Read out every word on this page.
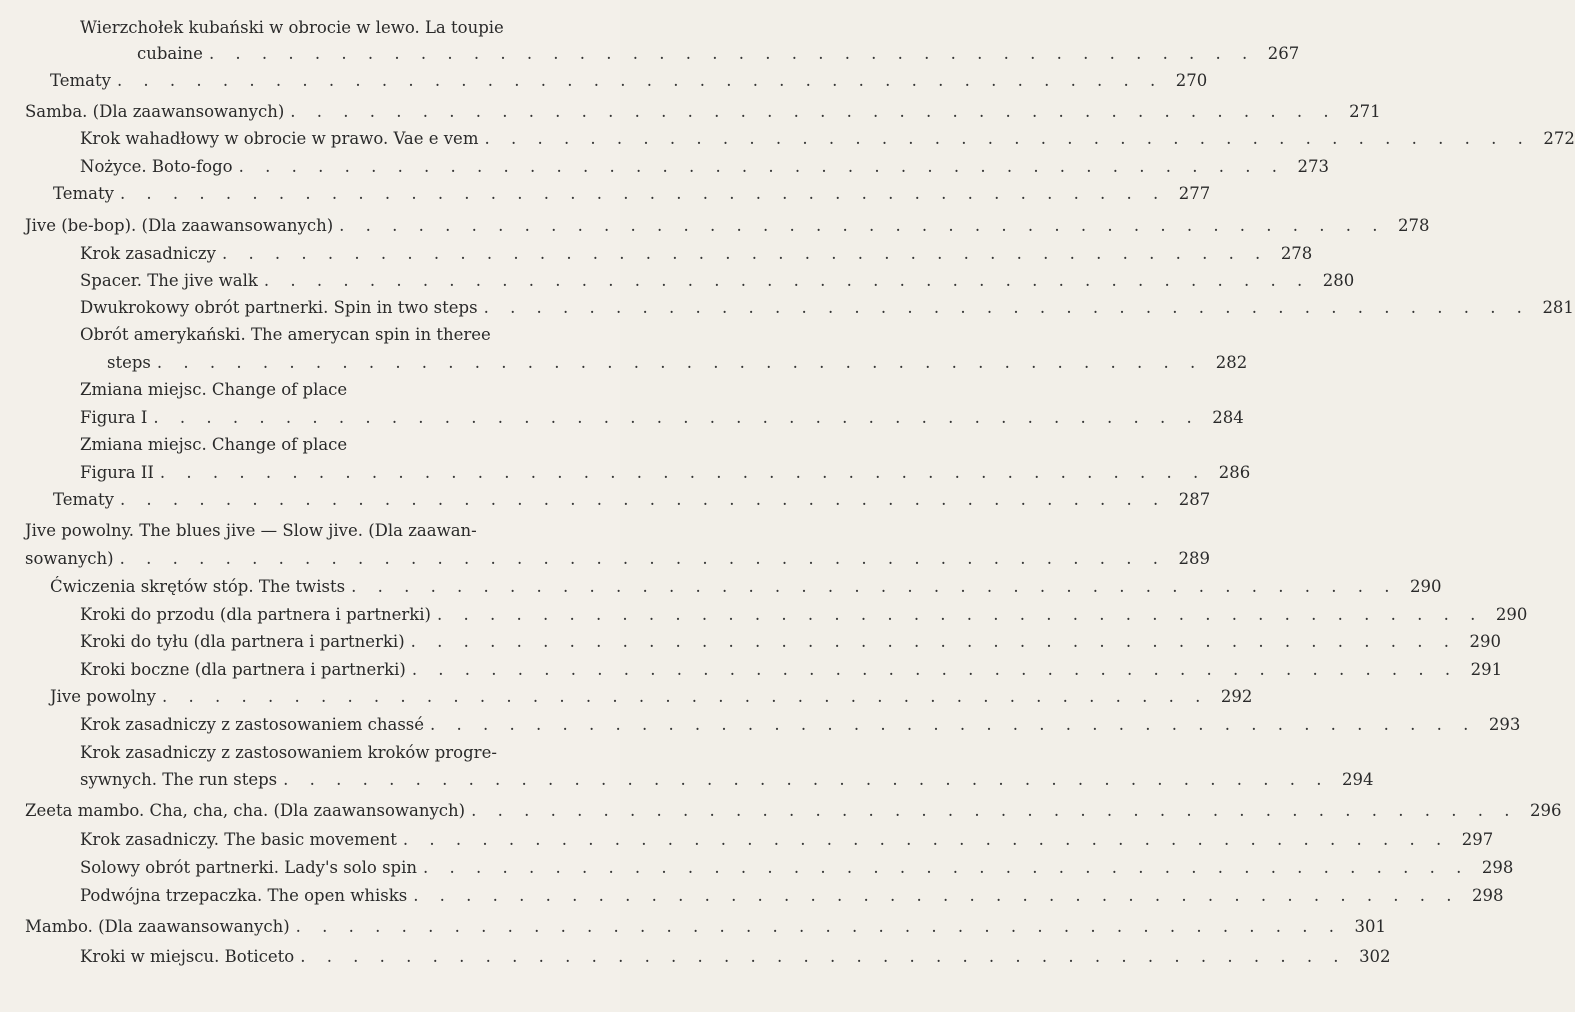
Wierzchołek kubański w obrocie w lewo. La toupie
cubaine . . . . . . . . . . . . . . . . . . . . . . . . . . . . . . . . . . . . . . . . 267
Tematy . . . . . . . . . . . . . . . . . . . . . . . . . . . . . . . . . . . . . . . . 270
Samba. (Dla zaawansowanych) . . . . . . . . . . . . . . . . . . . . . . . . . . . . . . . . . . . . . . . . 271
Krok wahadłowy w obrocie w prawo. Vae e vem . . . . . . . . . . . . . . . . . . . . . . . . . . . . . . . . . . . . . . . . 272
Nożyce. Boto-fogo . . . . . . . . . . . . . . . . . . . . . . . . . . . . . . . . . . . . . . . . 273
Tematy . . . . . . . . . . . . . . . . . . . . . . . . . . . . . . . . . . . . . . . . 277
Jive (be-bop). (Dla zaawansowanych) . . . . . . . . . . . . . . . . . . . . . . . . . . . . . . . . . . . . . . . . 278
Krok zasadniczy . . . . . . . . . . . . . . . . . . . . . . . . . . . . . . . . . . . . . . . . 278
Spacer. The jive walk . . . . . . . . . . . . . . . . . . . . . . . . . . . . . . . . . . . . . . . . 280
Dwukrokowy obrót partnerki. Spin in two steps . . . . . . . . . . . . . . . . . . . . . . . . . . . . . . . . . . . . . . . . 281
Obrót amerykański. The amerycan spin in theree
steps . . . . . . . . . . . . . . . . . . . . . . . . . . . . . . . . . . . . . . . . 282
Zmiana miejsc. Change of place
Figura I . . . . . . . . . . . . . . . . . . . . . . . . . . . . . . . . . . . . . . . . 284
Zmiana miejsc. Change of place
Figura II . . . . . . . . . . . . . . . . . . . . . . . . . . . . . . . . . . . . . . . . 286
Tematy . . . . . . . . . . . . . . . . . . . . . . . . . . . . . . . . . . . . . . . . 287
Jive powolny. The blues jive — Slow jive. (Dla zaawan-
sowanych) . . . . . . . . . . . . . . . . . . . . . . . . . . . . . . . . . . . . . . . . 289
Ćwiczenia skrętów stóp. The twists . . . . . . . . . . . . . . . . . . . . . . . . . . . . . . . . . . . . . . . . 290
Kroki do przodu (dla partnera i partnerki) . . . . . . . . . . . . . . . . . . . . . . . . . . . . . . . . . . . . . . . . 290
Kroki do tyłu (dla partnera i partnerki) . . . . . . . . . . . . . . . . . . . . . . . . . . . . . . . . . . . . . . . . 290
Kroki boczne (dla partnera i partnerki) . . . . . . . . . . . . . . . . . . . . . . . . . . . . . . . . . . . . . . . . 291
Jive powolny . . . . . . . . . . . . . . . . . . . . . . . . . . . . . . . . . . . . . . . . 292
Krok zasadniczy z zastosowaniem chassé . . . . . . . . . . . . . . . . . . . . . . . . . . . . . . . . . . . . . . . . 293
Krok zasadniczy z zastosowaniem kroków progre-
sywnych. The run steps . . . . . . . . . . . . . . . . . . . . . . . . . . . . . . . . . . . . . . . . 294
Zeeta mambo. Cha, cha, cha. (Dla zaawansowanych) . . . . . . . . . . . . . . . . . . . . . . . . . . . . . . . . . . . . . . . . 296
Krok zasadniczy. The basic movement . . . . . . . . . . . . . . . . . . . . . . . . . . . . . . . . . . . . . . . . 297
Solowy obrót partnerki. Lady's solo spin . . . . . . . . . . . . . . . . . . . . . . . . . . . . . . . . . . . . . . . . 298
Podwójna trzepaczka. The open whisks . . . . . . . . . . . . . . . . . . . . . . . . . . . . . . . . . . . . . . . . 298
Mambo. (Dla zaawansowanych) . . . . . . . . . . . . . . . . . . . . . . . . . . . . . . . . . . . . . . . . 301
Kroki w miejscu. Boticeto . . . . . . . . . . . . . . . . . . . . . . . . . . . . . . . . . . . . . . . . 302
